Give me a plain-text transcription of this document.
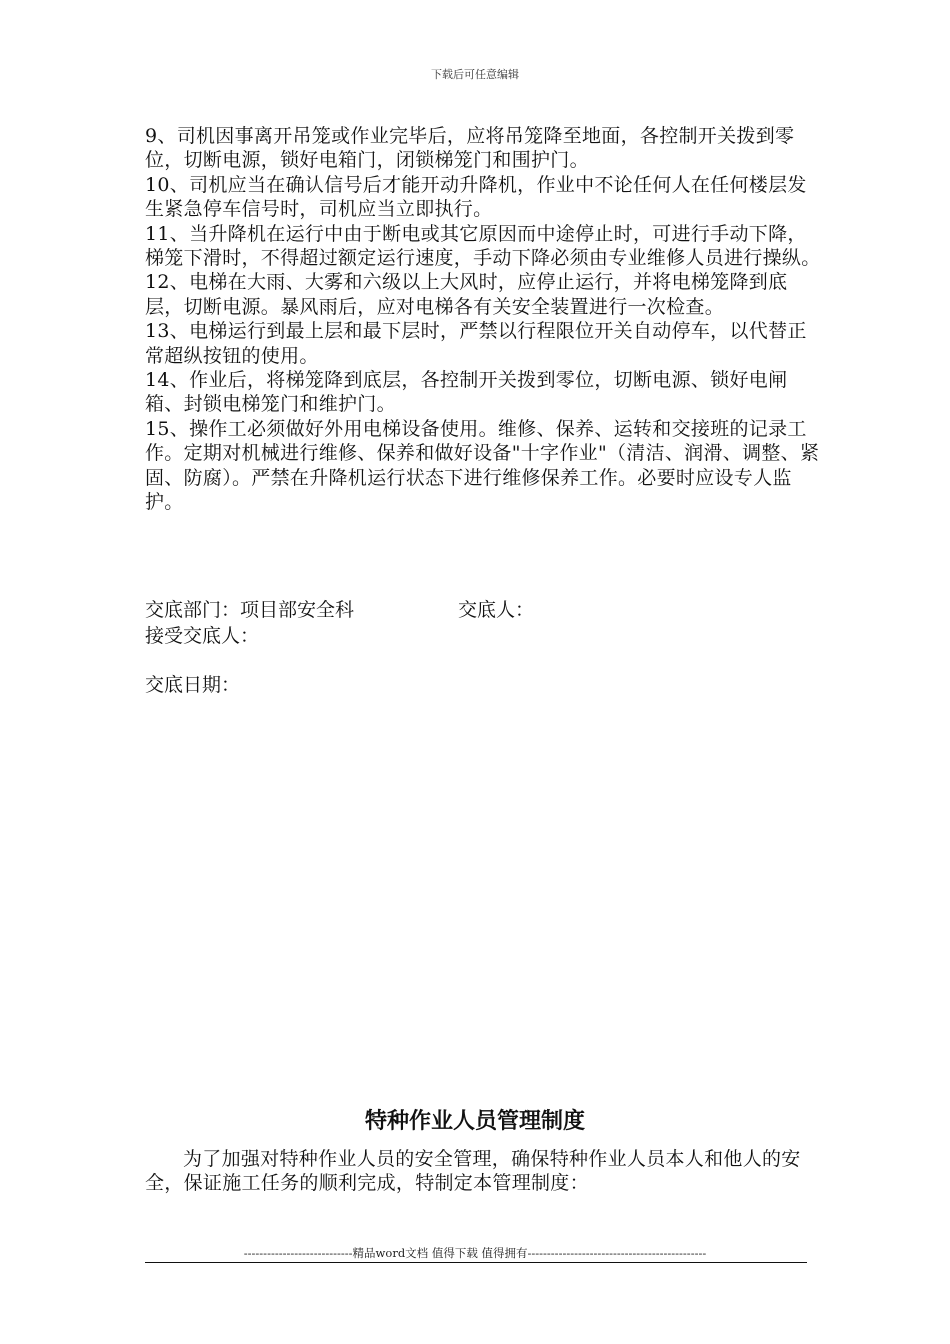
下载后可任意编辑

9、司机因事离开吊笼或作业完毕后，应将吊笼降至地面，各控制开关拨到零位，切断电源，锁好电箱门，闭锁梯笼门和围护门。

10、司机应当在确认信号后才能开动升降机，作业中不论任何人在任何楼层发生紧急停车信号时，司机应当立即执行。

11、当升降机在运行中由于断电或其它原因而中途停止时，可进行手动下降，梯笼下滑时，不得超过额定运行速度，手动下降必须由专业维修人员进行操纵。

12、电梯在大雨、大雾和六级以上大风时，应停止运行，并将电梯笼降到底层，切断电源。暴风雨后，应对电梯各有关安全装置进行一次检查。

13、电梯运行到最上层和最下层时，严禁以行程限位开关自动停车，以代替正常超纵按钮的使用。

14、作业后，将梯笼降到底层，各控制开关拨到零位，切断电源、锁好电闸箱、封锁电梯笼门和维护门。

15、操作工必须做好外用电梯设备使用。维修、保养、运转和交接班的记录工作。定期对机械进行维修、保养和做好设备"十字作业"（清洁、润滑、调整、紧固、防腐）。严禁在升降机运行状态下进行维修保养工作。必要时应设专人监护。

交底部门：项目部安全科	交底人：
接受交底人：
交底日期：
特种作业人员管理制度

为了加强对特种作业人员的安全管理，确保特种作业人员本人和他人的安全，保证施工任务的顺利完成，特制定本管理制度：

----------------------------精品word文档 值得下载 值得拥有----------------------------------------------
